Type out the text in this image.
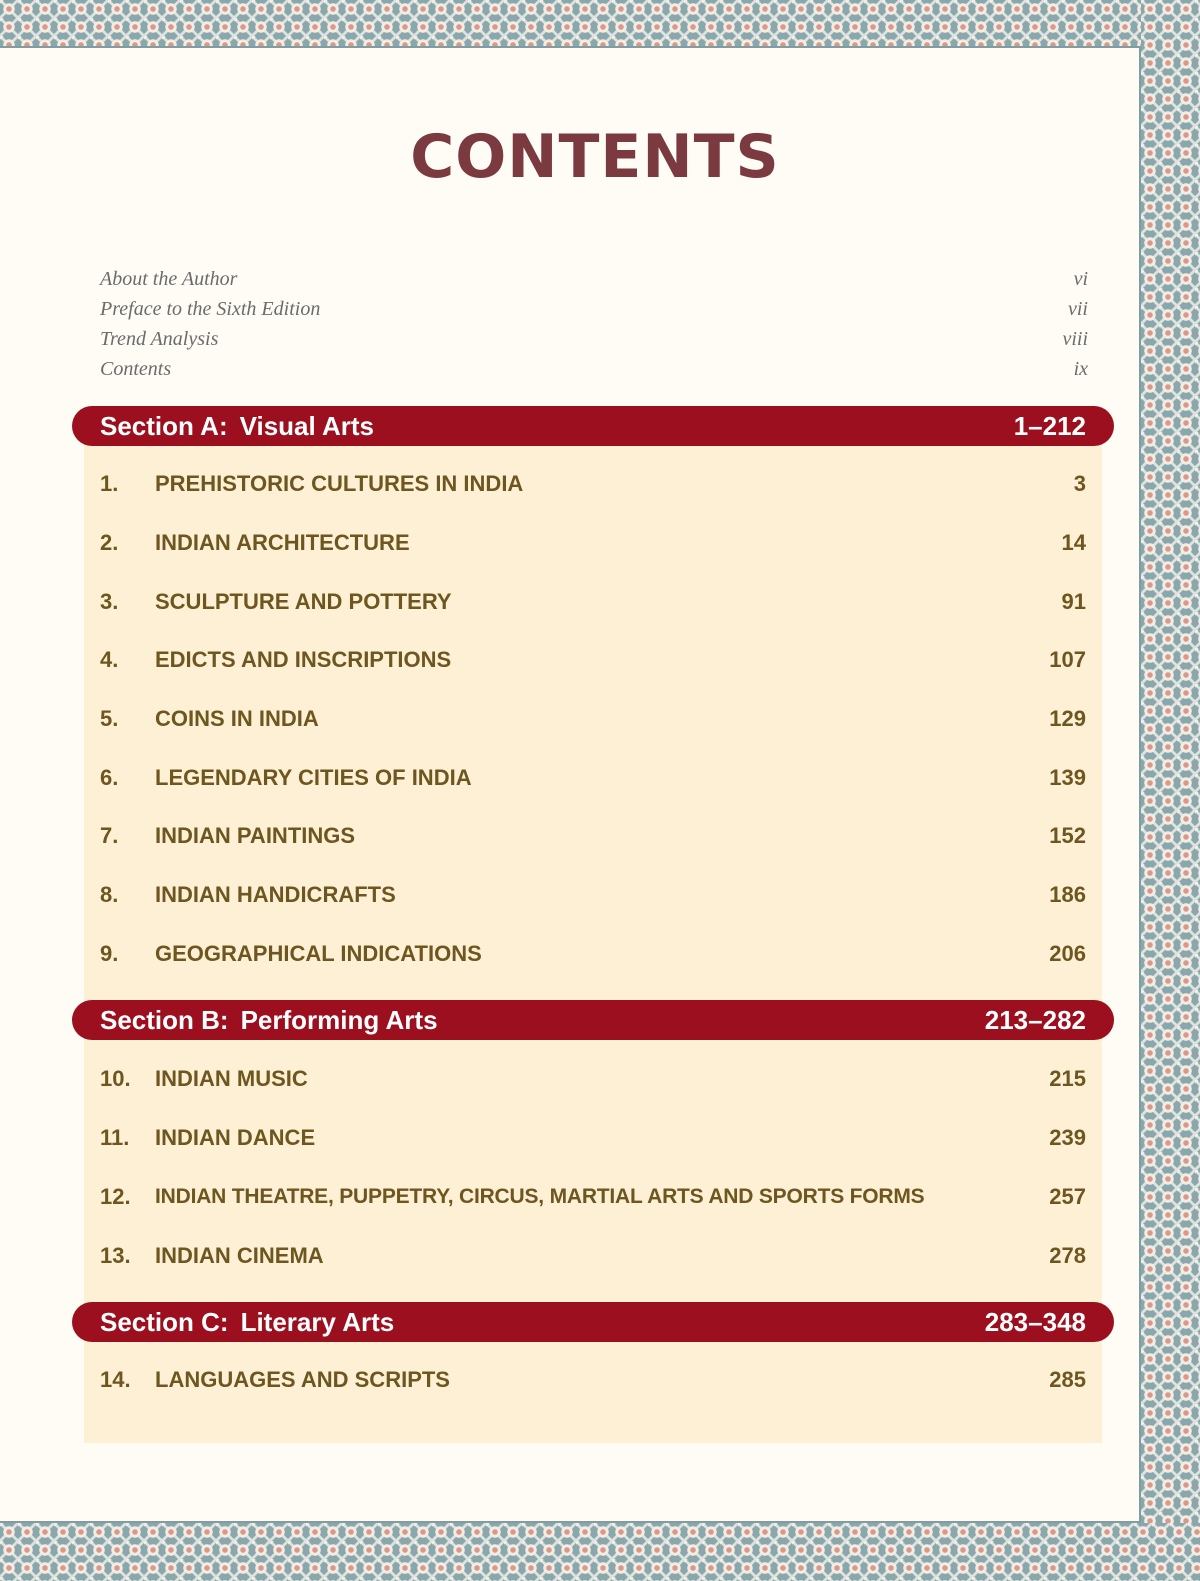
CONTENTS
About the Author	vi
Preface to the Sixth Edition	vii
Trend Analysis	viii
Contents	ix
Section A: Visual Arts	1–212
1.	PREHISTORIC CULTURES IN INDIA	3
2.	INDIAN ARCHITECTURE	14
3.	SCULPTURE AND POTTERY	91
4.	EDICTS AND INSCRIPTIONS	107
5.	COINS IN INDIA	129
6.	LEGENDARY CITIES OF INDIA	139
7.	INDIAN PAINTINGS	152
8.	INDIAN HANDICRAFTS	186
9.	GEOGRAPHICAL INDICATIONS	206
Section B: Performing Arts	213–282
10.	INDIAN MUSIC	215
11.	INDIAN DANCE	239
12.	INDIAN THEATRE, PUPPETRY, CIRCUS, MARTIAL ARTS AND SPORTS FORMS	257
13.	INDIAN CINEMA	278
Section C: Literary Arts	283–348
14.	LANGUAGES AND SCRIPTS	285
